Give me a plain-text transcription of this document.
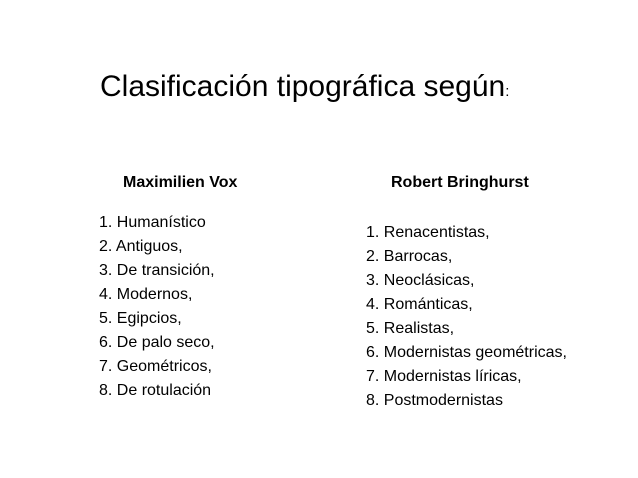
Clasificación tipográfica según:
Maximilien Vox
1. Humanístico
2. Antiguos,
3. De transición,
4. Modernos,
5. Egipcios,
6. De palo seco,
7. Geométricos,
8. De rotulación
Robert Bringhurst
1. Renacentistas,
2. Barrocas,
3. Neoclásicas,
4. Románticas,
5. Realistas,
6. Modernistas geométricas,
7. Modernistas líricas,
8. Postmodernistas
